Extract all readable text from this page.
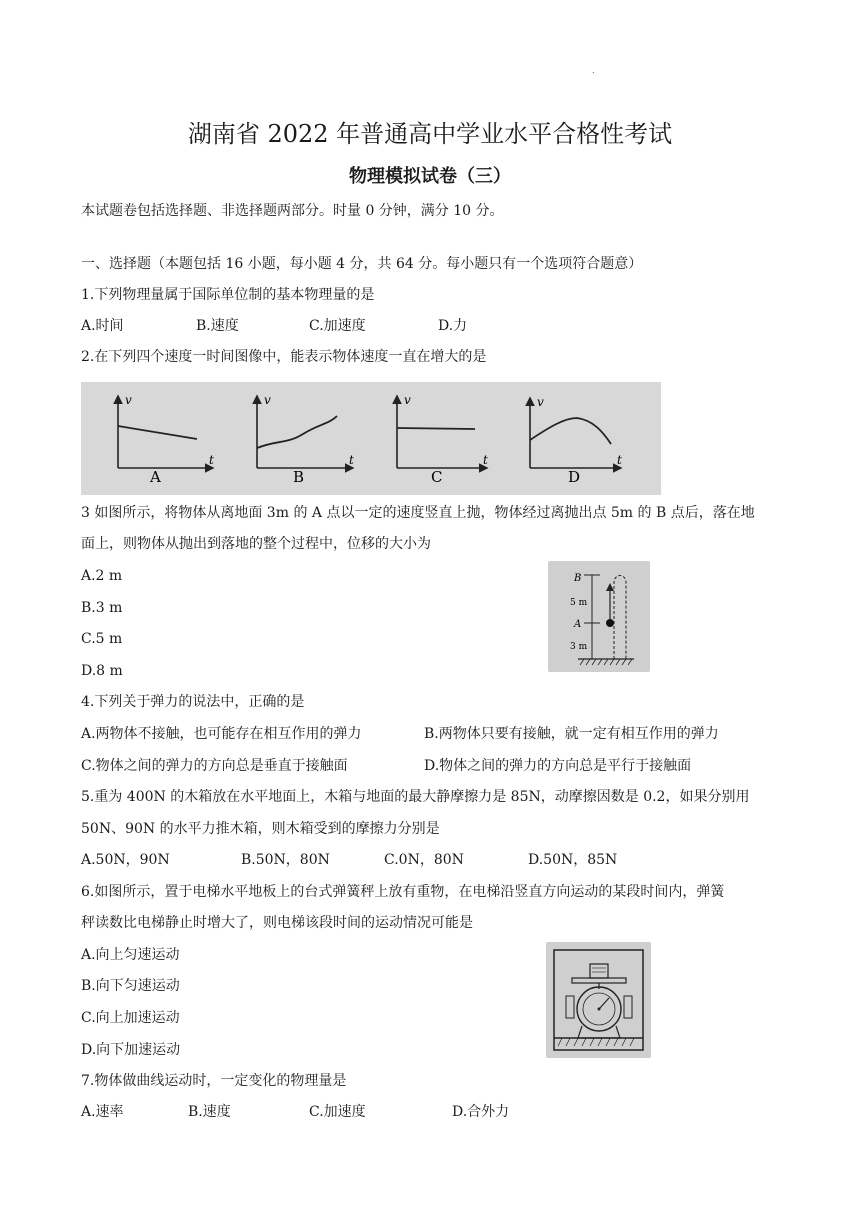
.
湖南省 2022 年普通高中学业水平合格性考试
物理模拟试卷（三）
本试题卷包括选择题、非选择题两部分。时量 0 分钟，满分 10 分。
一、选择题（本题包括 16 小题，每小题 4 分，共 64 分。每小题只有一个选项符合题意）
1.下列物理量属于国际单位制的基本物理量的是
A.时间	B.速度	C.加速度	D.力
2.在下列四个速度一时间图像中，能表示物体速度一直在增大的是
v
t
A
v
t
B
v
t
C
v
t
D
3 如图所示，将物体从离地面 3m 的 A 点以一定的速度竖直上抛，物体经过离抛出点 5m 的 B 点后，落在地
面上，则物体从抛出到落地的整个过程中，位移的大小为
A.2 m
B.3 m
C.5 m
D.8 m
B
5 m
A
3 m
4.下列关于弹力的说法中，正确的是
A.两物体不接触，也可能存在相互作用的弹力	B.两物体只要有接触，就一定有相互作用的弹力
C.物体之间的弹力的方向总是垂直于接触面	D.物体之间的弹力的方向总是平行于接触面
5.重为 400N 的木箱放在水平地面上，木箱与地面的最大静摩擦力是 85N，动摩擦因数是 0.2，如果分别用
50N、90N 的水平力推木箱，则木箱受到的摩擦力分别是
A.50N，90N	B.50N，80N	C.0N，80N	D.50N，85N
6.如图所示，置于电梯水平地板上的台式弹簧秤上放有重物，在电梯沿竖直方向运动的某段时间内，弹簧
秤读数比电梯静止时增大了，则电梯该段时间的运动情况可能是
A.向上匀速运动
B.向下匀速运动
C.向上加速运动
D.向下加速运动
7.物体做曲线运动时，一定变化的物理量是
A.速率	B.速度	C.加速度	D.合外力
